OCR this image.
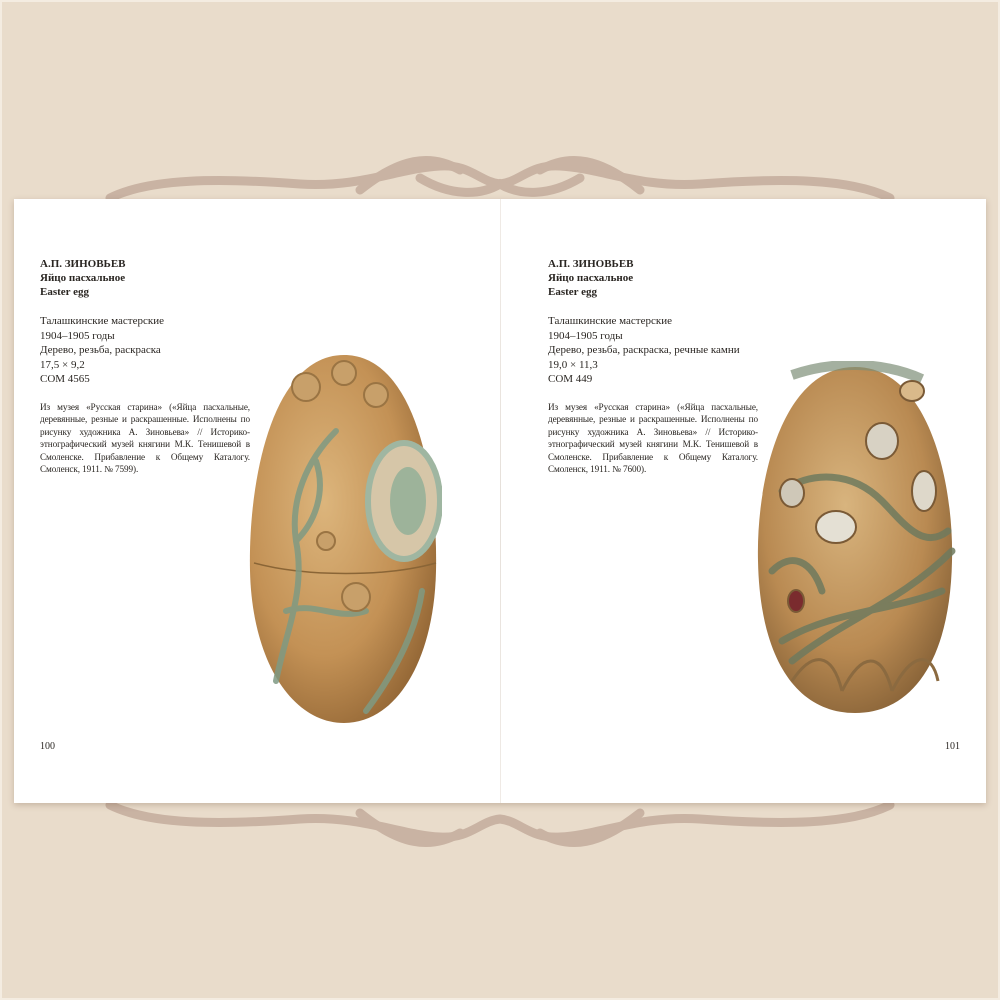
А.П. ЗИНОВЬЕВ

Яйцо пасхальное

Easter egg

Талашкинские мастерские
1904–1905 годы
Дерево, резьба, раскраска
17,5 × 9,2
СОМ 4565
Из музея «Русская старина» («Яйца пасхальные, деревянные, резные и раскрашенные. Исполнены по рисунку художника А. Зиновьева» // Историко-этнографический музей княгини М.К. Тенишевой в Смоленске. Прибавление к Общему Каталогу. Смоленск, 1911. № 7599).
100

А.П. ЗИНОВЬЕВ

Яйцо пасхальное

Easter egg

Талашкинские мастерские
1904–1905 годы
Дерево, резьба, раскраска, речные камни
19,0 × 11,3
СОМ 449
Из музея «Русская старина» («Яйца пасхальные, деревянные, резные и раскрашенные. Исполнены по рисунку художника А. Зиновьева» // Историко-этнографический музей княгини М.К. Тенишевой в Смоленске. Прибавление к Общему Каталогу. Смоленск, 1911. № 7600).
101
